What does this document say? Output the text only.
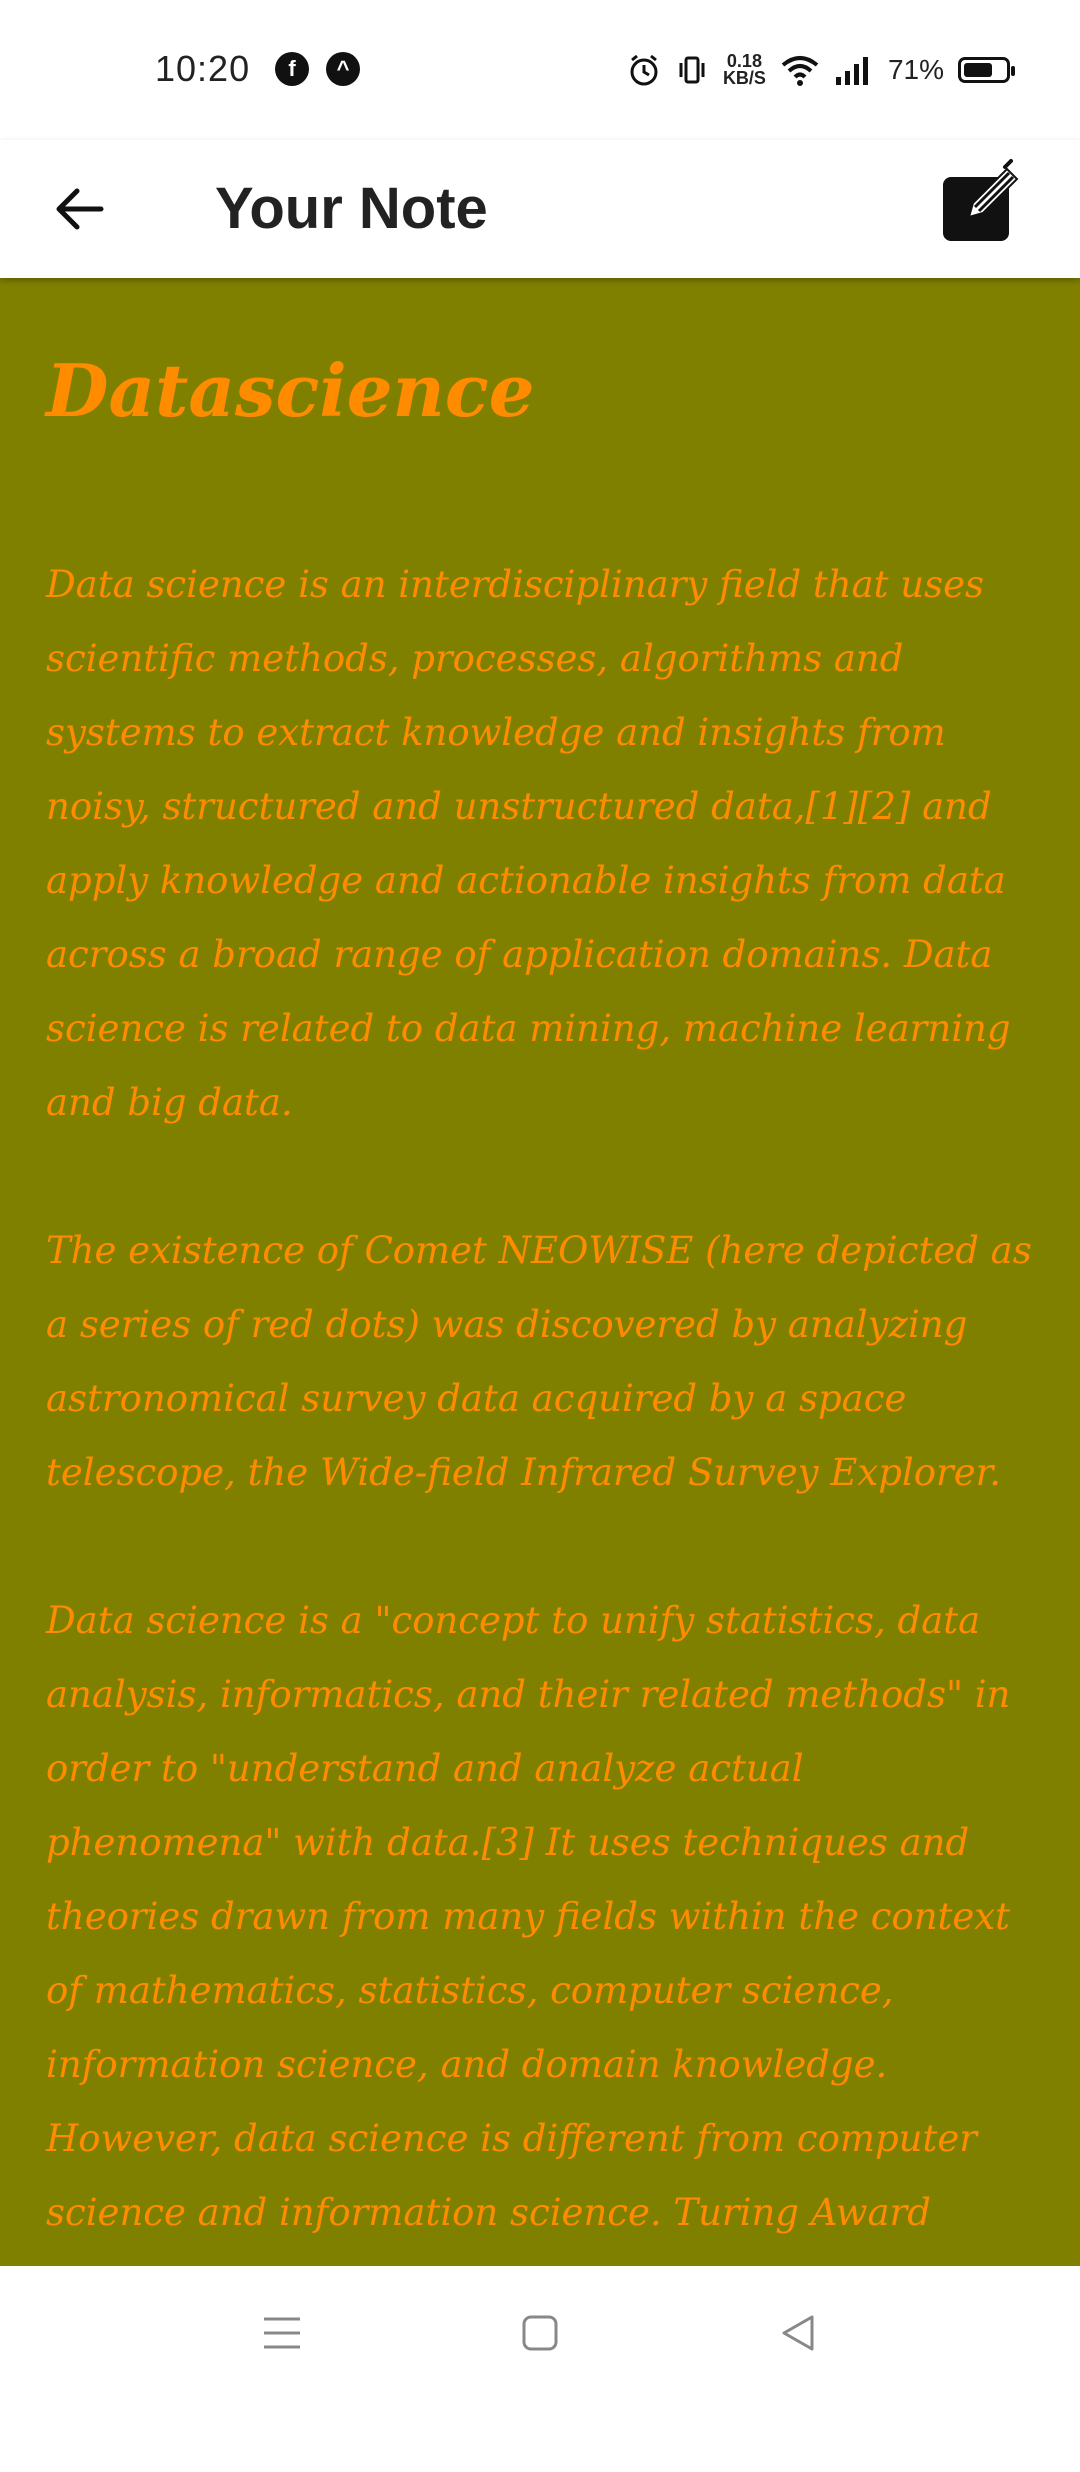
10:20	f	^	0.18
KB/S	71%
Your Note
Datascience

Data science is an interdisciplinary field that uses scientific methods, processes, algorithms and systems to extract knowledge and insights from noisy, structured and unstructured data,[1][2] and apply knowledge and actionable insights from data across a broad range of application domains. Data science is related to data mining, machine learning and big data.

The existence of Comet NEOWISE (here depicted as a series of red dots) was discovered by analyzing astronomical survey data acquired by a space telescope, the Wide-field Infrared Survey Explorer.

Data science is a "concept to unify statistics, data analysis, informatics, and their related methods" in order to "understand and analyze actual phenomena" with data.[3] It uses techniques and theories drawn from many fields within the context of mathematics, statistics, computer science, information science, and domain knowledge. However, data science is different from computer science and information science. Turing Award
